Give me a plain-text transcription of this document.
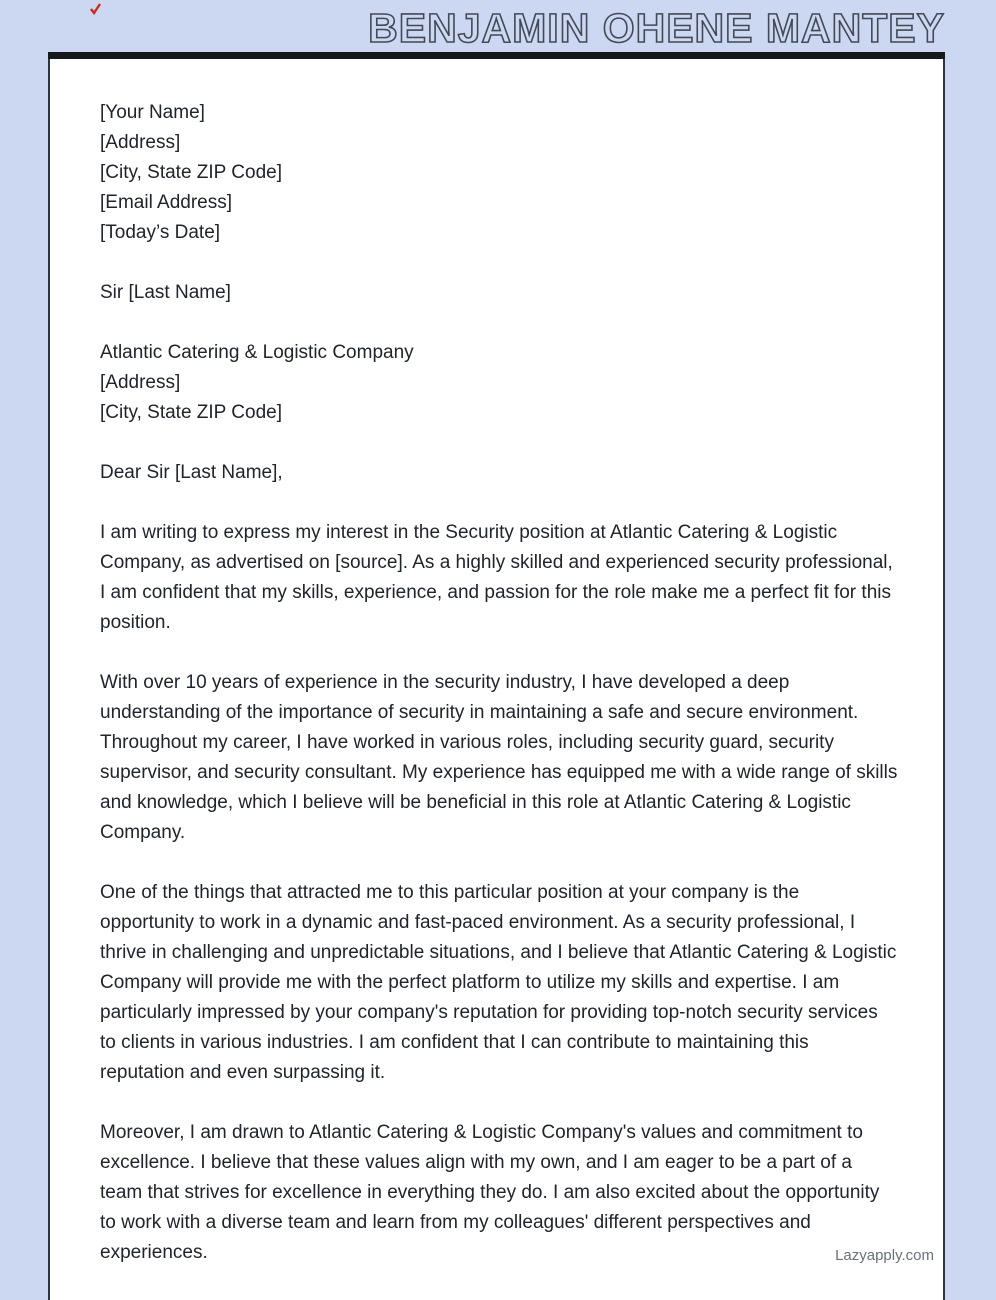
BENJAMIN OHENE MANTEY
[Your Name]
[Address]
[City, State ZIP Code]
[Email Address]
[Today’s Date]
Sir [Last Name]
Atlantic Catering & Logistic Company
[Address]
[City, State ZIP Code]
Dear Sir [Last Name],

I am writing to express my interest in the Security position at Atlantic Catering & Logistic Company, as advertised on [source]. As a highly skilled and experienced security professional, I am confident that my skills, experience, and passion for the role make me a perfect fit for this position.

With over 10 years of experience in the security industry, I have developed a deep understanding of the importance of security in maintaining a safe and secure environment. Throughout my career, I have worked in various roles, including security guard, security supervisor, and security consultant. My experience has equipped me with a wide range of skills and knowledge, which I believe will be beneficial in this role at Atlantic Catering & Logistic Company.

One of the things that attracted me to this particular position at your company is the opportunity to work in a dynamic and fast-paced environment. As a security professional, I thrive in challenging and unpredictable situations, and I believe that Atlantic Catering & Logistic Company will provide me with the perfect platform to utilize my skills and expertise. I am particularly impressed by your company's reputation for providing top-notch security services to clients in various industries. I am confident that I can contribute to maintaining this reputation and even surpassing it.

Moreover, I am drawn to Atlantic Catering & Logistic Company's values and commitment to excellence. I believe that these values align with my own, and I am eager to be a part of a team that strives for excellence in everything they do. I am also excited about the opportunity to work with a diverse team and learn from my colleagues' different perspectives and experiences.	Lazyapply.com
